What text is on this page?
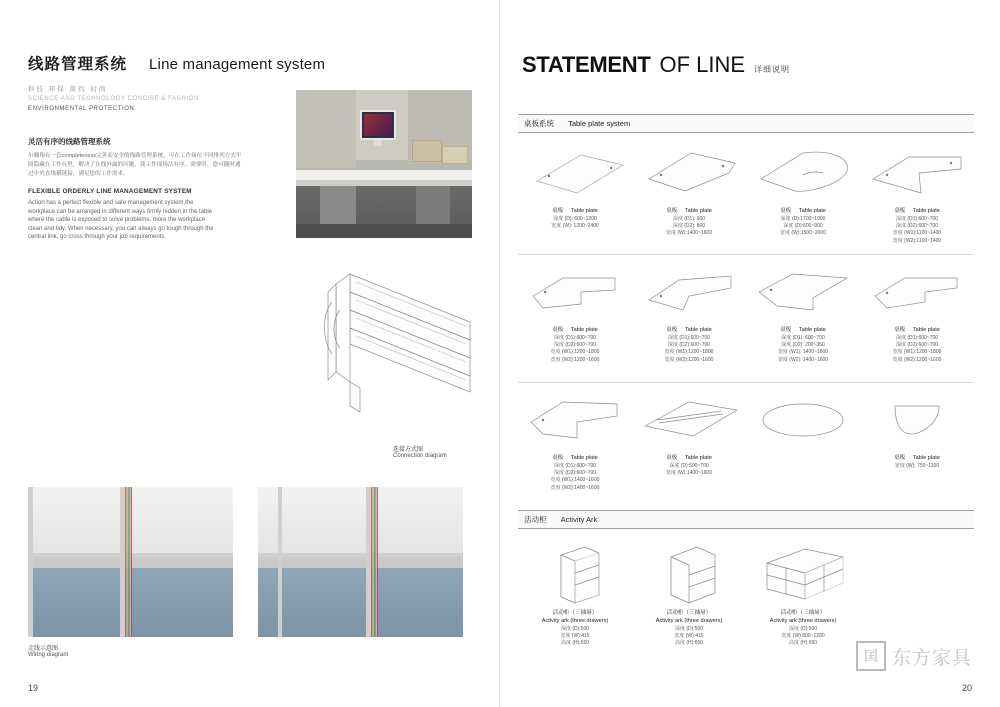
线路管理系统 Line management system
科技 环保 简约 时尚
SCIENCE AND TECHNOLOGY CONCISE & FASHION
ENVIRONMENTAL PROTECTION
灵活有序的线路管理系统
尔翱翔有一套completeness完善而安全的线路管理系统，可在工作岗位不同排列方式牢固隐藏在工作台里，解决了在线外露的问题，使工作现场洁有序。需要时，您可随时通过中央直线横链接，满足您的工作需求。
FLEXIBLE ORDERLY LINE MANAGEMENT SYSTEM
Action has a perfect flexible and safe management system,the workplace can be arranged in different ways firmly hidden in the table where the cable is exposed to solve problems, more the workplace clean and tidy. When necessary, you can always go tough through the central link, go cross through your job requirements.
连接方式图
Connection diagram
走线示意图
Wiring diagram
19
STATEMENT OF LINE 详细说明
桌板系统 Table plate system
桌板 Table plate
深度 (D): 600~1200
宽度 (W): 1200~2400
桌板 Table plate
深度 (D1): 600
深度 (D2): 800
宽度 (W):1400~1600
桌板 Table plate
深度 (D):1700~1900
深度 (D):600~900
宽度 (W):1500~2000
桌板 Table plate
深度 (D1):600~700
深度 (D2):600~700
宽度 (W1):1100~1400
宽度 (W2):1100~1400
桌板 Table plate
深度 (D1):600~700
深度 (D2):600~700
宽度 (W1):1200~1800
宽度 (W2):1200~1600
桌板 Table plate
深度 (D1):600~700
深度 (D2):600~700
宽度 (W1):1200~1800
宽度 (W2):1200~1600
桌板 Table plate
深度 (D1): 600~700
深度 (D2): 200~350
宽度 (W1): 1400~1600
宽度 (W2): 1400~1600
桌板 Table plate
深度 (D1):600~700
深度 (D2):600~700
宽度 (W1):1200~1800
宽度 (W2):1200~1600
桌板 Table plate
深度 (D1):600~700
深度 (D2):600~700
宽度 (W1):1400~1600
宽度 (W2):1400~1600
桌板 Table plate
深度 (D):500~700
宽度 (W):1400~1600
桌板 Table plate
宽度 (W): 750~1100
活动柜 Activity Ark
活动柜（三抽屉）
Activity ark (three drawers)
深度 (D):500
宽度 (W):415
高度 (H):650
活动柜（三抽屉）
Activity ark (three drawers)
深度 (D):500
宽度 (W):415
高度 (H):650
活动柜（三抽屉）
Activity ark (three drawers)
深度 (D):500
宽度 (W):800~1200
高度 (H):650
囯 东方家具
20
